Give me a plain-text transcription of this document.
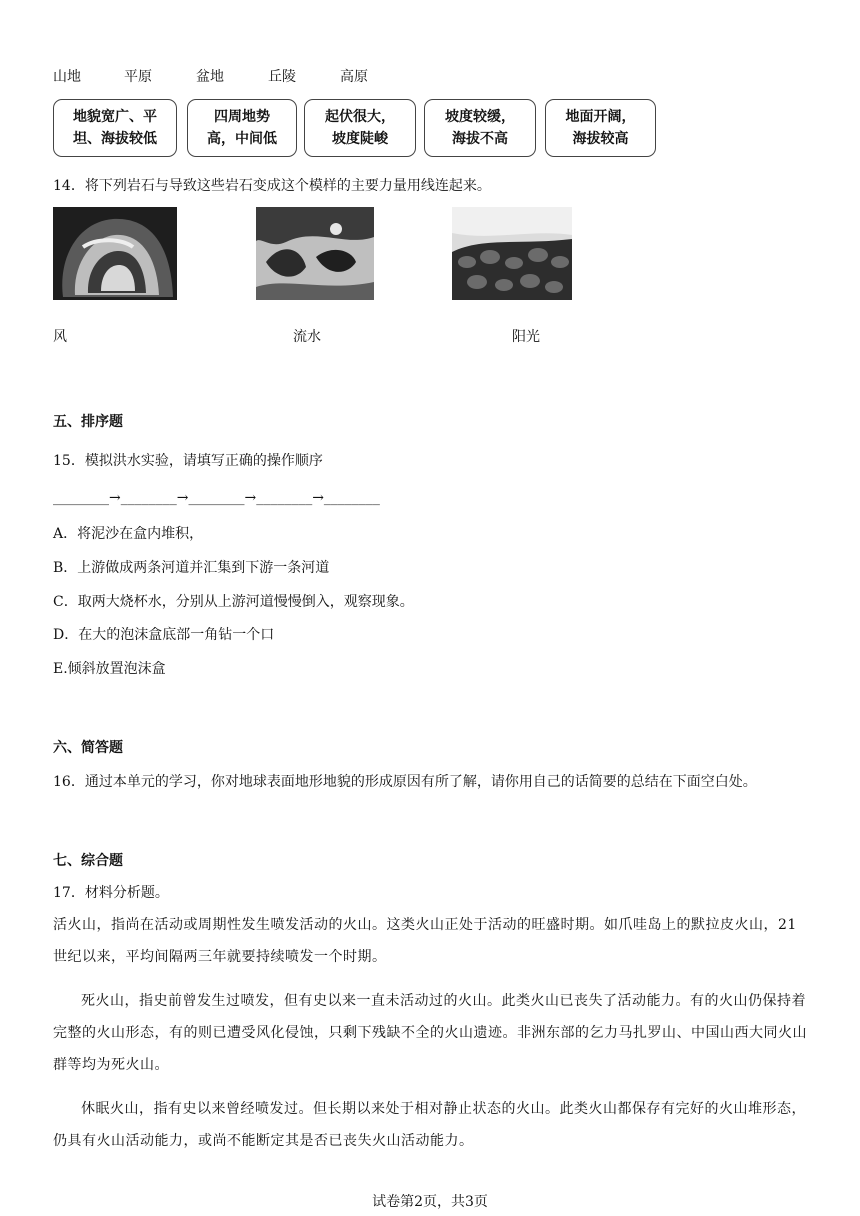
山地	平原	盆地	丘陵	高原
地貌宽广、平
坦、海拔较低
四周地势
高，中间低
起伏很大，
坡度陡峻
坡度较缓，
海拔不高
地面开阔，
海拔较高
14．将下列岩石与导致这些岩石变成这个模样的主要力量用线连起来。
风	流水	阳光
五、排序题
15．模拟洪水实验，请填写正确的操作顺序
________→________→________→________→________
A．将泥沙在盒内堆积，
B．上游做成两条河道并汇集到下游一条河道
C．取两大烧杯水，分别从上游河道慢慢倒入，观察现象。
D．在大的泡沫盒底部一角钻一个口
E.倾斜放置泡沫盒
六、简答题
16．通过本单元的学习，你对地球表面地形地貌的形成原因有所了解，请你用自己的话简要的总结在下面空白处。
七、综合题
17．材料分析题。
活火山，指尚在活动或周期性发生喷发活动的火山。这类火山正处于活动的旺盛时期。如爪哇岛上的默拉皮火山，21 世纪以来，平均间隔两三年就要持续喷发一个时期。
死火山，指史前曾发生过喷发，但有史以来一直未活动过的火山。此类火山已丧失了活动能力。有的火山仍保持着完整的火山形态，有的则已遭受风化侵蚀，只剩下残缺不全的火山遗迹。非洲东部的乞力马扎罗山、中国山西大同火山群等均为死火山。
休眠火山，指有史以来曾经喷发过。但长期以来处于相对静止状态的火山。此类火山都保存有完好的火山堆形态，仍具有火山活动能力，或尚不能断定其是否已丧失火山活动能力。
试卷第2页，共3页
